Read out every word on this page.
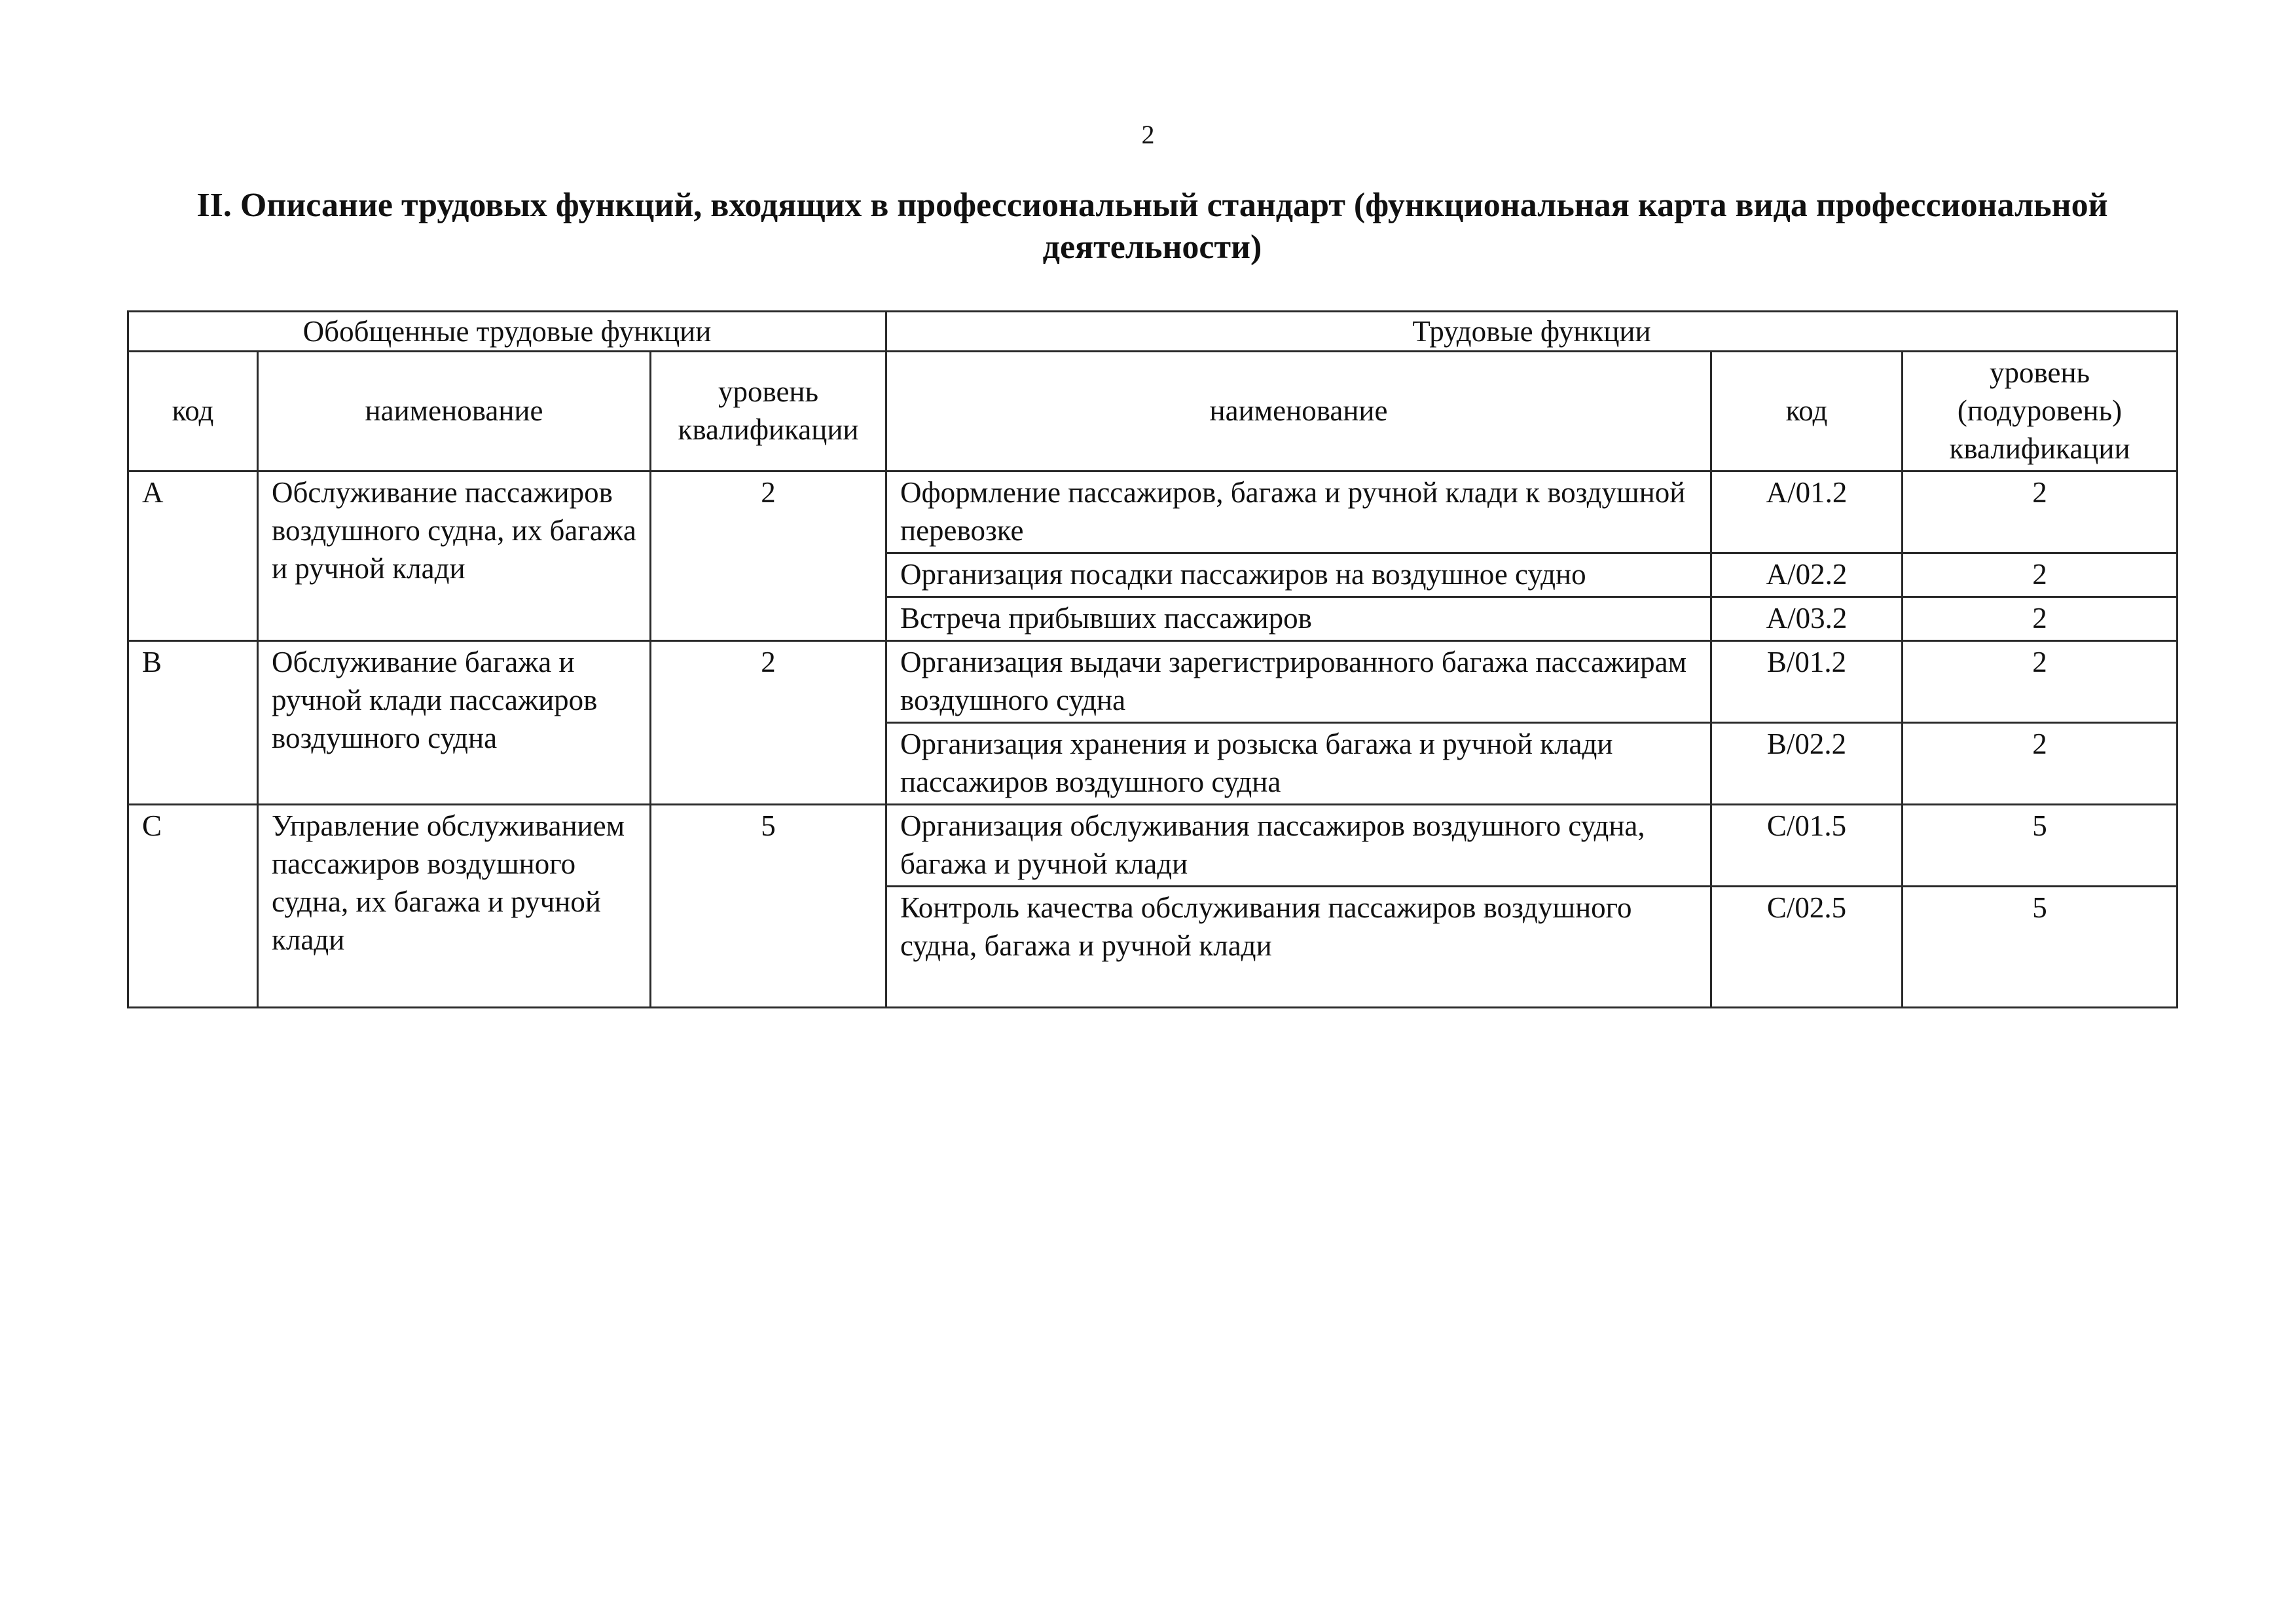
2
II. Описание трудовых функций, входящих в профессиональный стандарт (функциональная карта вида профессиональной деятельности)
Обобщенные трудовые функции			Трудовые функции		
код	наименование	уровень квалификации	наименование	код	уровень (подуровень) квалификации
A	Обслуживание пассажиров воздушного судна, их багажа и ручной клади	2	Оформление пассажиров, багажа и ручной клади к воздушной перевозке	A/01.2	2
			Организация посадки пассажиров на воздушное судно	A/02.2	2
			Встреча прибывших пассажиров	A/03.2	2
B	Обслуживание багажа и ручной клади пассажиров воздушного судна	2	Организация выдачи зарегистрированного багажа пассажирам воздушного судна	B/01.2	2
			Организация хранения и розыска багажа и ручной клади пассажиров воздушного судна	B/02.2	2
C	Управление обслуживанием пассажиров воздушного судна, их багажа и ручной клади	5	Организация обслуживания пассажиров воздушного судна, багажа и ручной клади	C/01.5	5
			Контроль качества обслуживания пассажиров воздушного судна, багажа и ручной клади	C/02.5	5
